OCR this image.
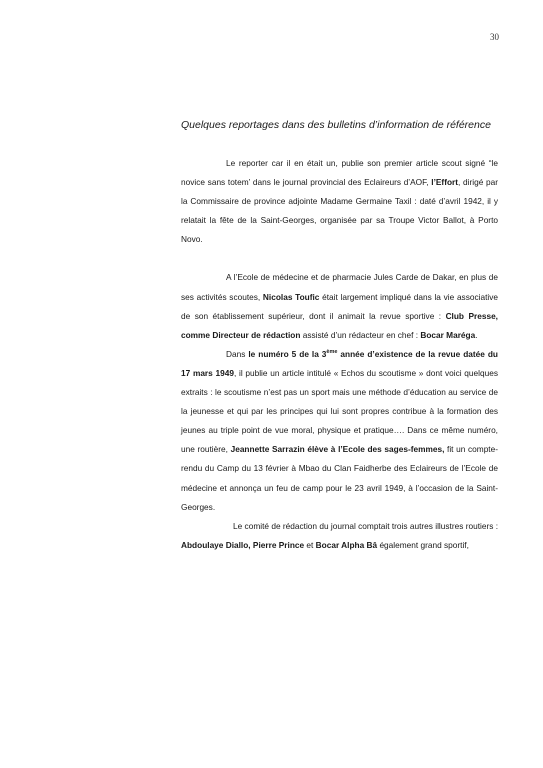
30
Quelques reportages dans des bulletins d’information de référence

Le reporter car il en était un, publie son premier article scout signé “le novice sans totem’ dans le journal provincial des Eclaireurs d’AOF, l’Effort, dirigé par la Commissaire de province adjointe Madame Germaine Taxil : daté d’avril 1942, il y relatait la fête de la Saint-Georges, organisée par sa Troupe Victor Ballot, à Porto Novo.

A l’Ecole de médecine et de pharmacie Jules Carde de Dakar, en plus de ses activités scoutes, Nicolas Toufic était largement impliqué dans la vie associative de son établissement supérieur, dont il animait la revue sportive : Club Presse, comme Directeur de rédaction assisté d’un rédacteur en chef : Bocar Maréga.

Dans le numéro 5 de la 3ème année d’existence de la revue datée du 17 mars 1949, il publie un article intitulé « Echos du scoutisme » dont voici quelques extraits : le scoutisme n’est pas un sport mais une méthode d’éducation au service de la jeunesse et qui par les principes qui lui sont propres contribue à la formation des jeunes au triple point de vue moral, physique et pratique…. Dans ce même numéro, une routière, Jeannette Sarrazin élève à l’Ecole des sages-femmes, fit un compte-rendu du Camp du 13 février à Mbao du Clan Faidherbe des Eclaireurs de l’Ecole de médecine et annonça un feu de camp pour le 23 avril 1949, à l’occasion de la Saint-Georges.

Le comité de rédaction du journal comptait trois autres illustres routiers : Abdoulaye Diallo, Pierre Prince et Bocar Alpha Bâ également grand sportif,
